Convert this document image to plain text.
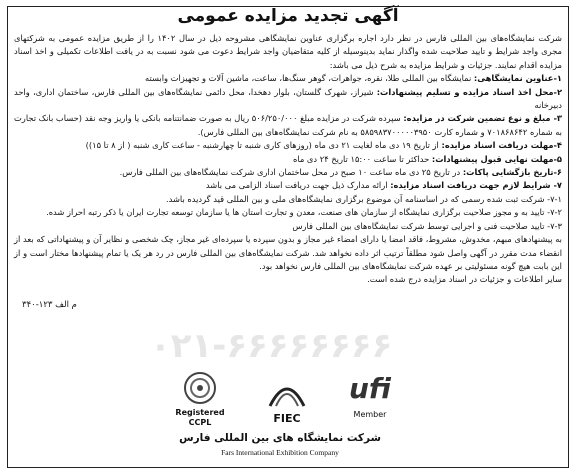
آگهی تجدید مزایده عمومی

شرکت نمایشگاه‌های بین المللی فارس در نظر دارد اجاره برگزاری عناوین نمایشگاهی مشروحه ذیل در سال ۱۴۰۲ را از طریق مزایده عمومی به شرکتهای مجری واجد شرایط و تایید صلاحیت شده واگذار نماید بدینوسیله از کلیه متقاضیان واجد شرایط دعوت می شود نسبت به در یافت اطلاعات تکمیلی و اخذ اسناد مزایده اقدام نمایند. جزئیات و شرایط مزایده به شرح ذیل می باشد:

۱-عناوین نمایشگاهی: نمایشگاه بین المللی طلا، نقره، جواهرات، گوهر سنگ‌ها، ساعت، ماشین آلات و تجهیزات وابسته

۲-محل اخذ اسناد مزایده و تسلیم پیشنهادات: شیراز، شهرک گلستان، بلوار دهخدا، محل دائمی نمایشگاه‌های بین المللی فارس، ساختمان اداری، واحد دبیرخانه

۳- مبلغ و نوع تضمین شرکت در مزایده: سپرده شرکت در مزایده مبلغ ۵۰۶/۲۵۰/۰۰۰ ریال به صورت ضمانتنامه بانکی یا واریز وجه نقد (حساب بانک تجارت به شماره ۷۰۱۸۶۸۶۴۲ و شماره کارت ۵۸۵۹۸۳۷۰۰۰۰۰۳۹۵۰ به نام شرکت نمایشگاه‌های بین المللی فارس).

۴-مهلت دریافت اسناد مزایده: از تاریخ ۱۹ دی ماه لغایت ۲۱ دی ماه (روزهای کاری شنبه تا چهارشنبه - ساعت کاری شنبه ( از ۸ تا ۱۵))

۵-مهلت نهایی قبول پیشنهادات: حداکثر تا ساعت ۱۵:۰۰ تاریخ ۲۴ دی ماه

۶-تاریخ بازگشایی پاکات: در تاریخ ۲۵ دی ماه ساعت ۱۰ صبح در محل ساختمان اداری شرکت نمایشگاه‌های بین المللی فارس.

۷- شرایط لازم جهت دریافت اسناد مزایده: ارائه مدارک ذیل جهت دریافت اسناد الزامی می باشد

۷-۱- شرکت ثبت شده رسمی که در اساسنامه آن موضوع برگزاری نمایشگاه‌های ملی و بین المللی قید گردیده باشد.

۷-۲- تایید به و مجوز صلاحیت برگزاری نمایشگاه از سازمان های صنعت، معدن و تجارت استان ها یا سازمان توسعه تجارت ایران یا ذکر رتبه احراز شده.

۷-۳- تایید صلاحیت فنی و اجرایی توسط شرکت نمایشگاه‌های بین المللی فارس

به پیشنهادهای مبهم، مخدوش، مشروط، فاقد امضا یا دارای امضاء غیر مجاز و بدون سپرده یا سپرده‌ای غیر مجاز، چک شخصی و نظایر آن و پیشنهاداتی که بعد از انقضاء مدت مقرر در آگهی واصل شود مطلقاً ترتیب اثر داده نخواهد شد. شرکت نمایشگاه‌های بین المللی فارس در رد هر یک یا تمام پیشنهادها مختار است و از این بابت هیچ گونه مسئولیتی بر عهده شرکت نمایشگاه‌های بین المللی فارس نخواهد بود.

سایر اطلاعات و جزئیات در اسناد مزایده درج شده است.

م الف ۱۲۳-۳۴۰
۰۲۱-۶۶۶۶۶۶۶۶
Registered CCPL	FIEC
ufi
Member
شرکت نمایشگاه های بین المللی فارس
Fars International Exhibition Company
